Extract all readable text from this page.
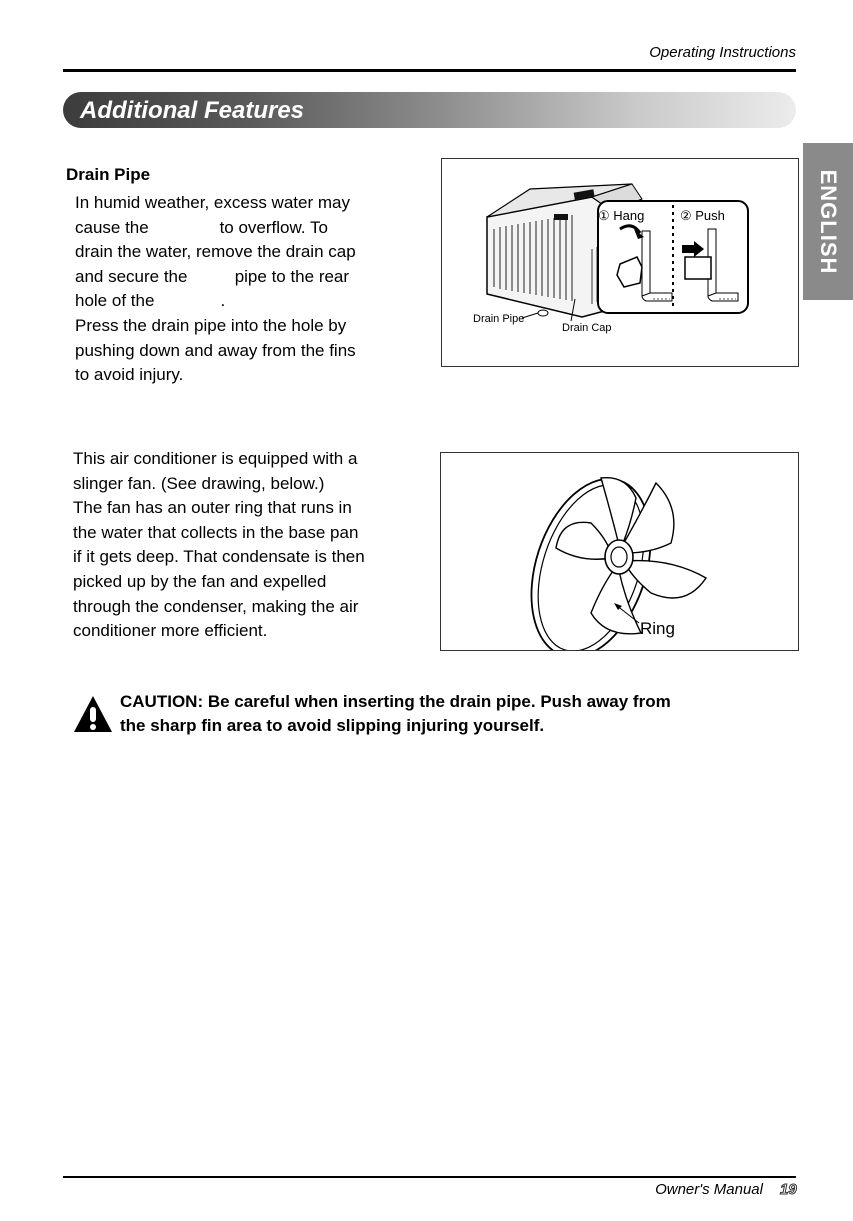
Operating Instructions
Additional Features
ENGLISH
Drain Pipe
In humid weather, excess water may
cause the               to overflow. To
drain the water, remove the drain cap
and secure the          pipe to the rear
hole of the              .
Press the drain pipe into the hole by
pushing down and away from the fins
to avoid injury.
① Hang	② Push
Drain Pipe
Drain Cap
This air conditioner is equipped with a
slinger fan. (See drawing, below.)
The fan has an outer ring that runs in
the water that collects in the base pan
if it gets deep. That condensate is then
picked up by the fan and expelled
through the condenser, making the air
conditioner more efficient.	Ring
CAUTION: Be careful when inserting the drain pipe. Push away from
the sharp fin area to avoid slipping injuring yourself.
Owner's Manual 19
